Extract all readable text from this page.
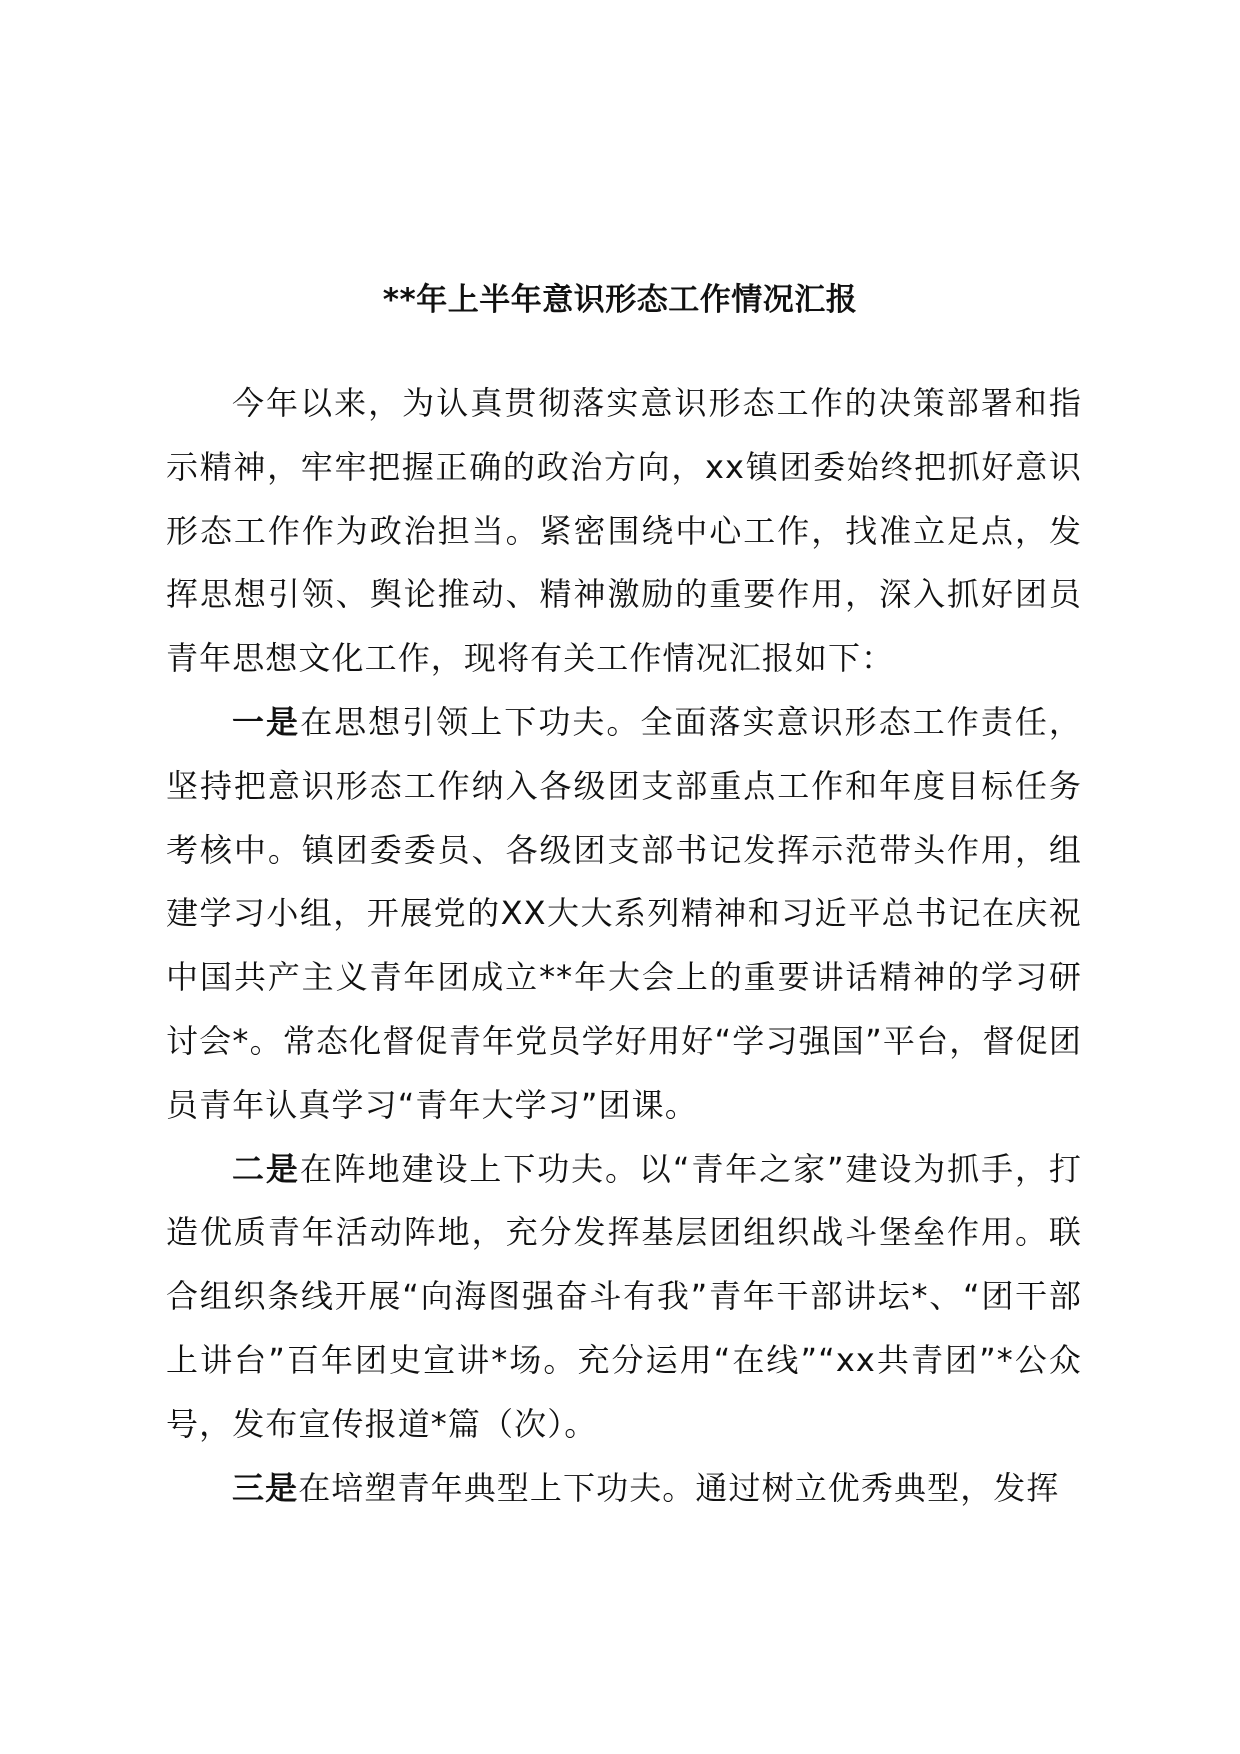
**年上半年意识形态工作情况汇报

今年以来，为认真贯彻落实意识形态工作的决策部署和指示精神，牢牢把握正确的政治方向，xx镇团委始终把抓好意识形态工作作为政治担当。紧密围绕中心工作，找准立足点，发挥思想引领、舆论推动、精神激励的重要作用，深入抓好团员青年思想文化工作，现将有关工作情况汇报如下：

一是在思想引领上下功夫。全面落实意识形态工作责任，坚持把意识形态工作纳入各级团支部重点工作和年度目标任务考核中。镇团委委员、各级团支部书记发挥示范带头作用，组建学习小组，开展党的XX大大系列精神和习近平总书记在庆祝中国共产主义青年团成立**年大会上的重要讲话精神的学习研讨会*。常态化督促青年党员学好用好“学习强国”平台，督促团员青年认真学习“青年大学习”团课。

二是在阵地建设上下功夫。以“青年之家”建设为抓手，打造优质青年活动阵地，充分发挥基层团组织战斗堡垒作用。联合组织条线开展“向海图强奋斗有我”青年干部讲坛*、“团干部上讲台”百年团史宣讲*场。充分运用“在线”“xx共青团”*公众号，发布宣传报道*篇（次）。

三是在培塑青年典型上下功夫。通过树立优秀典型，发挥
